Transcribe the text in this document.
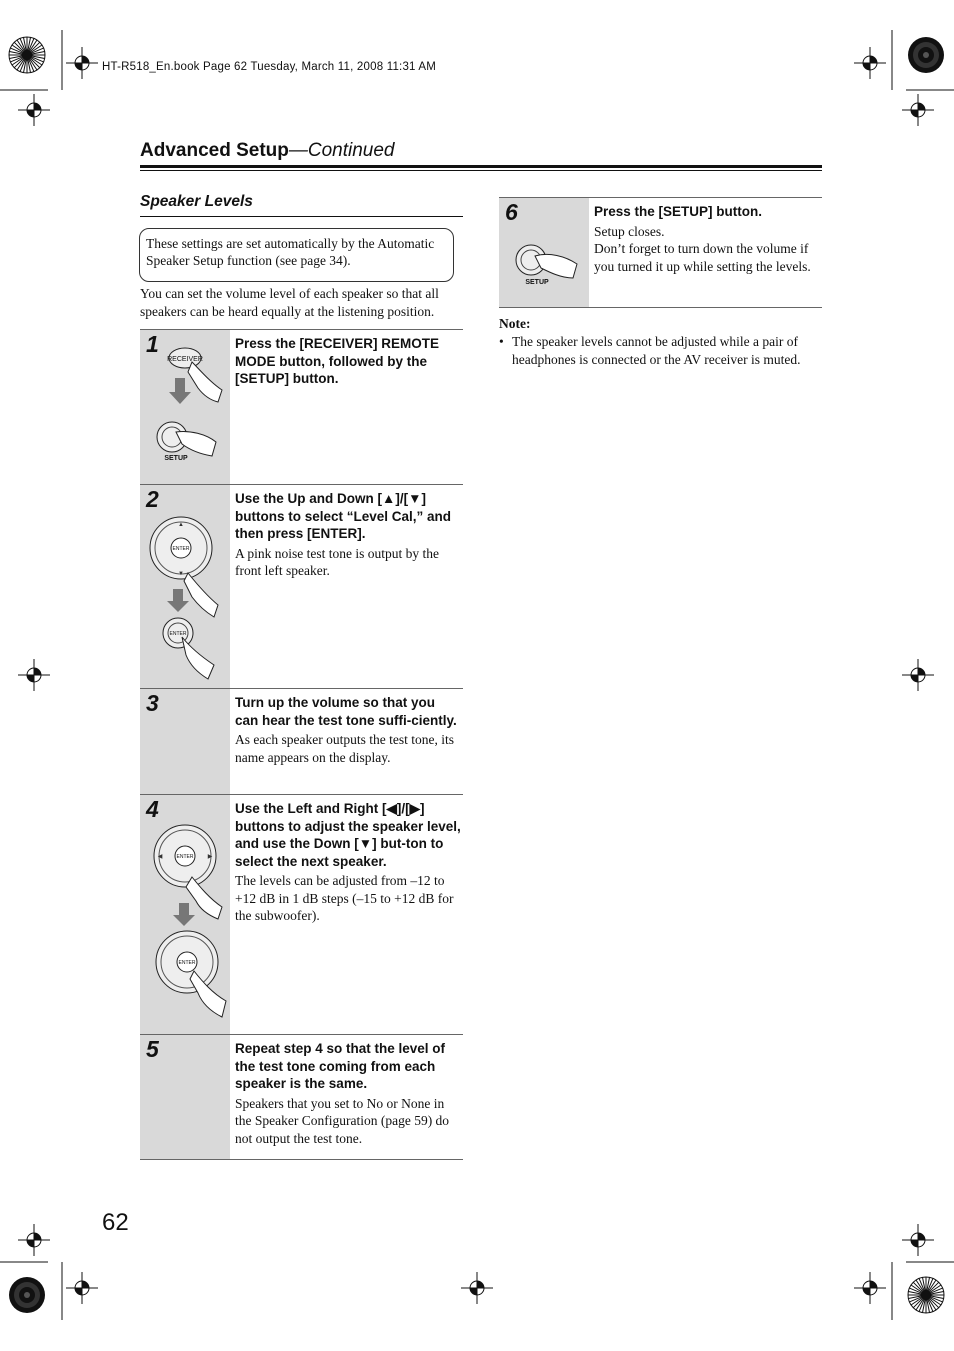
HT-R518_En.book Page 62 Tuesday, March 11, 2008 11:31 AM
Advanced Setup—Continued
Speaker Levels
These settings are set automatically by the Automatic Speaker Setup function (see page 34).
You can set the volume level of each speaker so that all speakers can be heard equally at the listening position.
1
RECEIVER
SETUP
Press the [RECEIVER] REMOTE MODE button, followed by the [SETUP] button.
2
ENTER
▲
▼
ENTER
Use the Up and Down [▲]/[▼] buttons to select “Level Cal,” and then press [ENTER].
A pink noise test tone is output by the front left speaker.
3	Turn up the volume so that you can hear the test tone suffi-ciently.
As each speaker outputs the test tone, its name appears on the display.
4
ENTER
◀	▶
ENTER
Use the Left and Right [◀]/[▶] buttons to adjust the speaker level, and use the Down [▼] but-ton to select the next speaker.
The levels can be adjusted from –12 to +12 dB in 1 dB steps (–15 to +12 dB for the subwoofer).
5	Repeat step 4 so that the level of the test tone coming from each speaker is the same.
Speakers that you set to No or None in the Speaker Configuration (page 59) do not output the test tone.
6
SETUP
Press the [SETUP] button.
Setup closes.
Don’t forget to turn down the volume if you turned it up while setting the levels.
Note:
• The speaker levels cannot be adjusted while a pair of headphones is connected or the AV receiver is muted.
62
